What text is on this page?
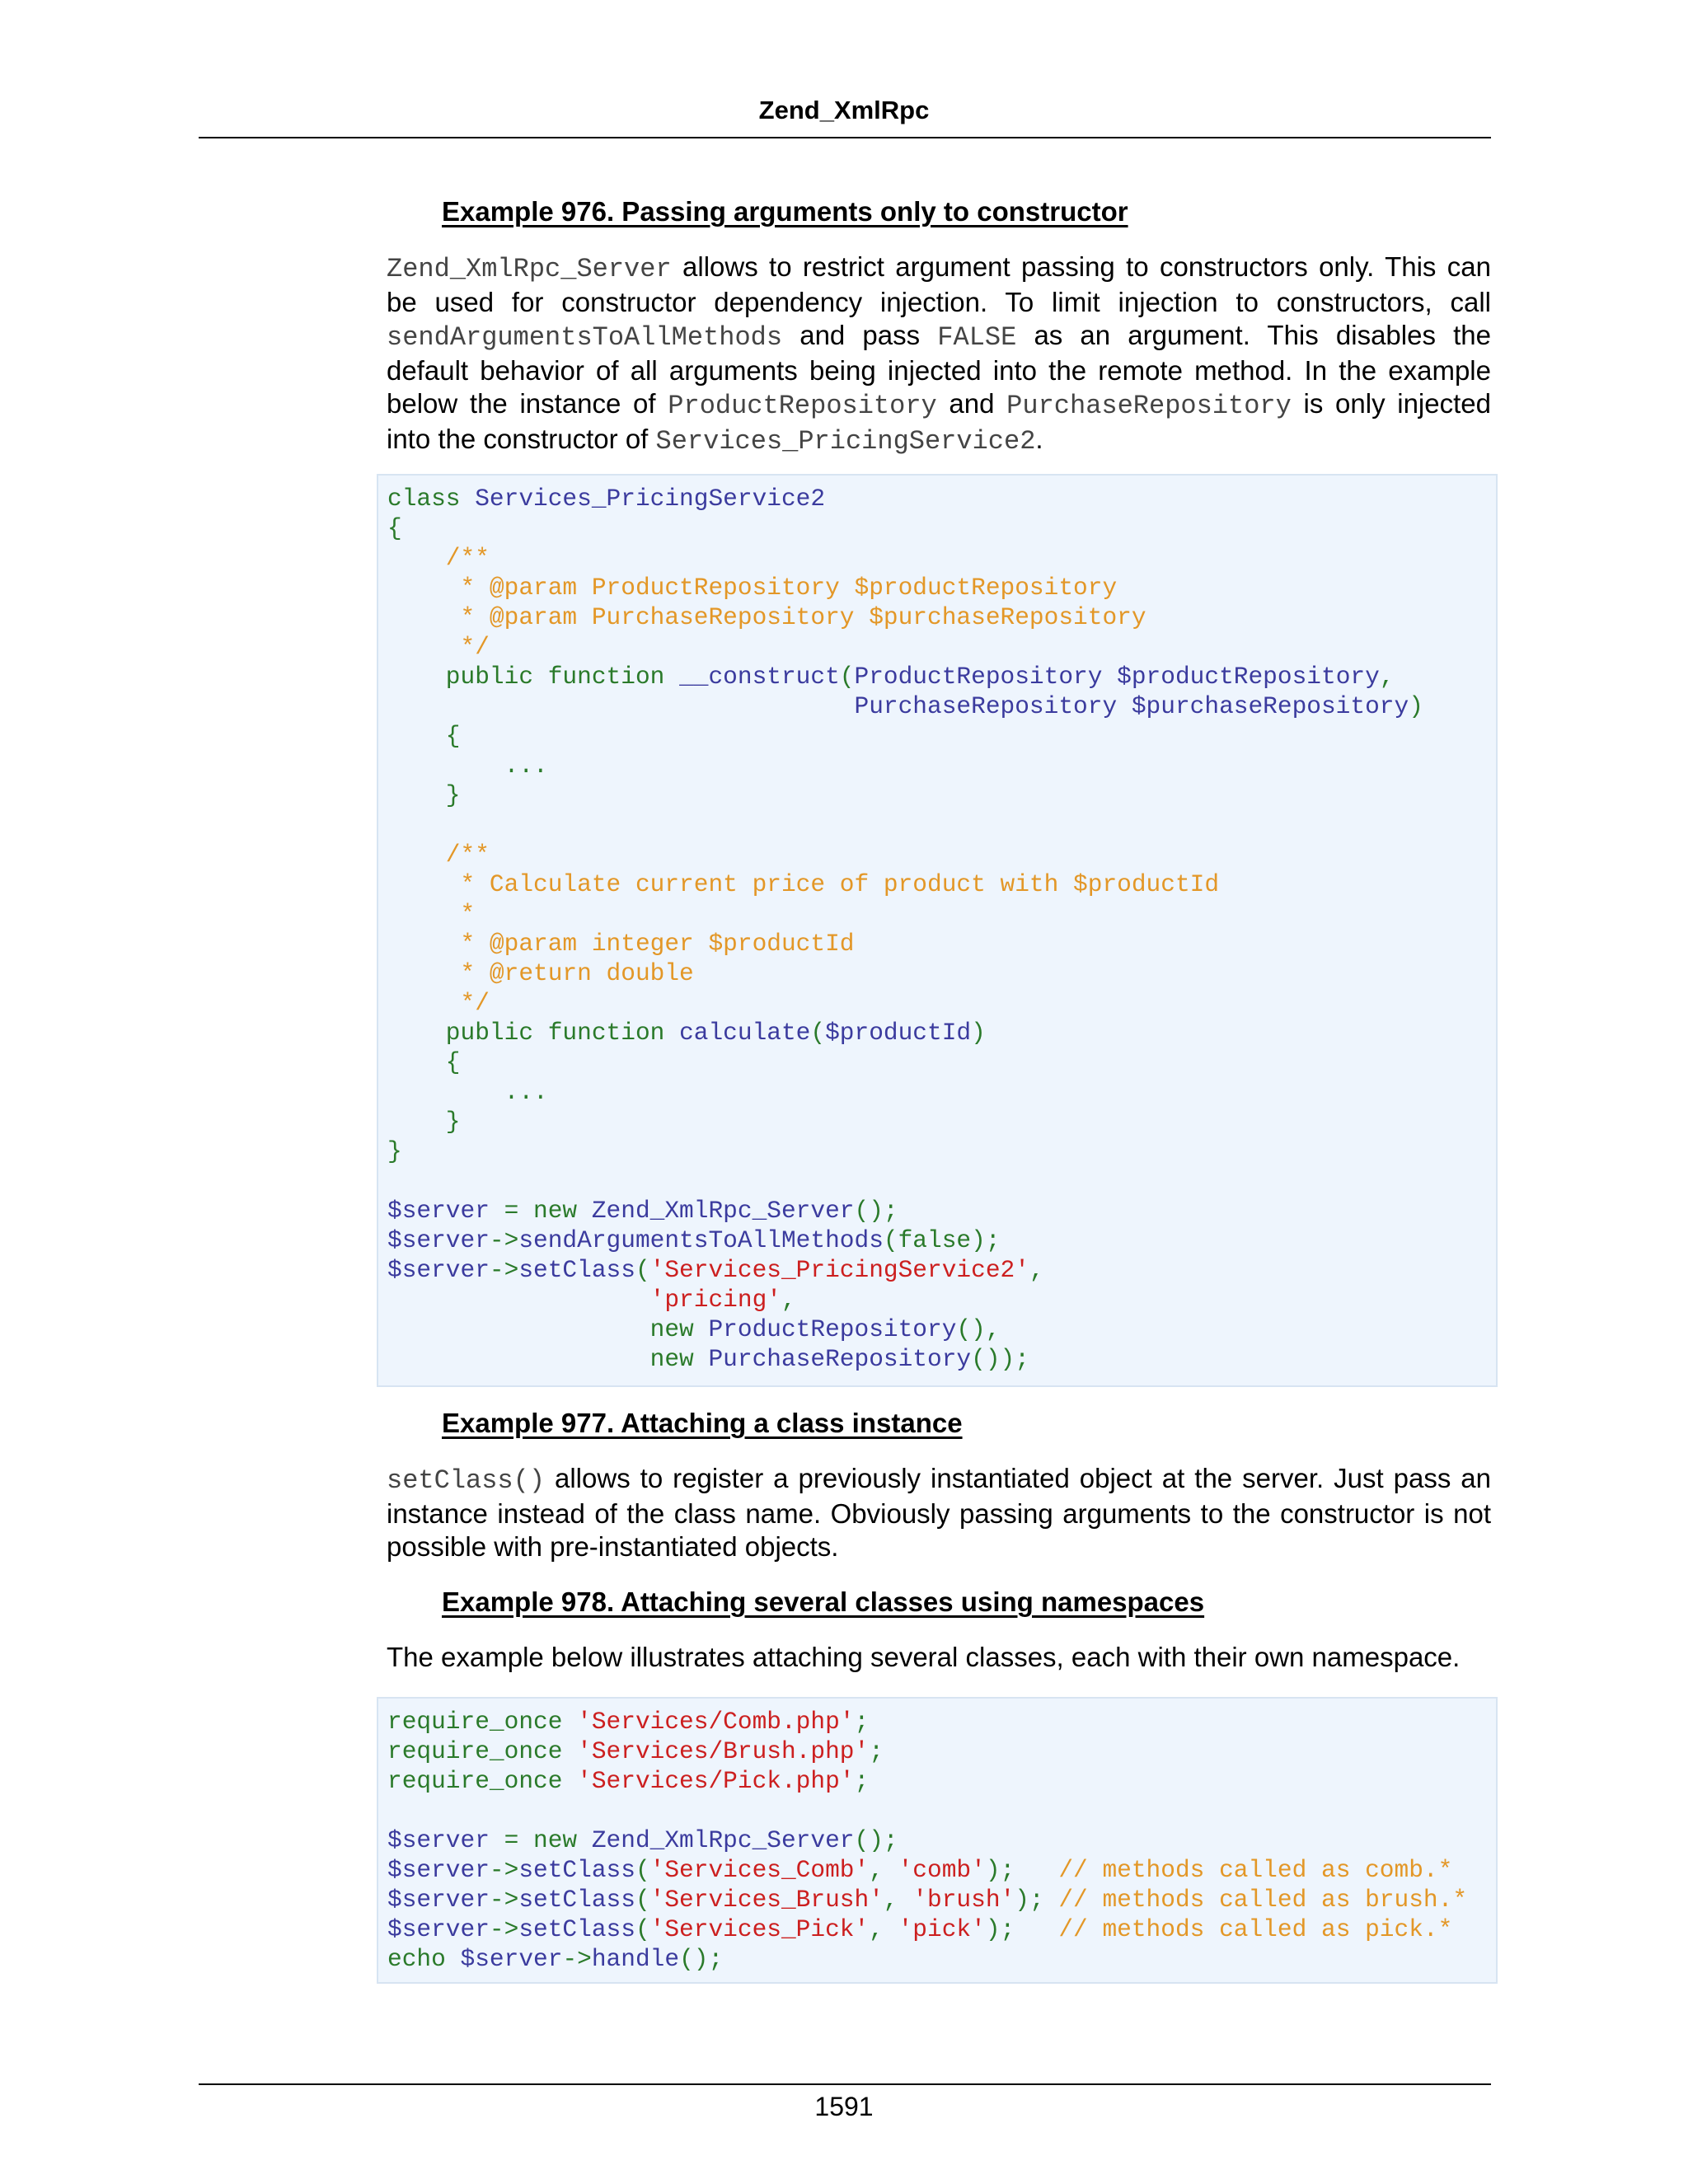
Zend_XmlRpc
Example 976. Passing arguments only to constructor

Zend_XmlRpc_Server allows to restrict argument passing to constructors only. This can be used for constructor dependency injection. To limit injection to constructors, call sendArgumentsToAllMethods and pass FALSE as an argument. This disables the default behavior of all arguments being injected into the remote method. In the example below the instance of ProductRepository and PurchaseRepository is only injected into the constructor of Services_PricingService2.

class Services_PricingService2
{
/**
* @param ProductRepository $productRepository
* @param PurchaseRepository $purchaseRepository
*/
public function __construct(ProductRepository $productRepository,
PurchaseRepository $purchaseRepository)
{
...
}
/**
* Calculate current price of product with $productId
*
* @param integer $productId
* @return double
*/
public function calculate($productId)
{
...
}
}
$server = new Zend_XmlRpc_Server();
$server->sendArgumentsToAllMethods(false);
$server->setClass('Services_PricingService2',
'pricing',
new ProductRepository(),
new PurchaseRepository());
Example 977. Attaching a class instance

setClass() allows to register a previously instantiated object at the server. Just pass an instance instead of the class name. Obviously passing arguments to the constructor is not possible with pre-instantiated objects.

Example 978. Attaching several classes using namespaces

The example below illustrates attaching several classes, each with their own namespace.

require_once 'Services/Comb.php';
require_once 'Services/Brush.php';
require_once 'Services/Pick.php';
$server = new Zend_XmlRpc_Server();
$server->setClass('Services_Comb', 'comb');   // methods called as comb.*
$server->setClass('Services_Brush', 'brush'); // methods called as brush.*
$server->setClass('Services_Pick', 'pick');   // methods called as pick.*
echo $server->handle();
1591
